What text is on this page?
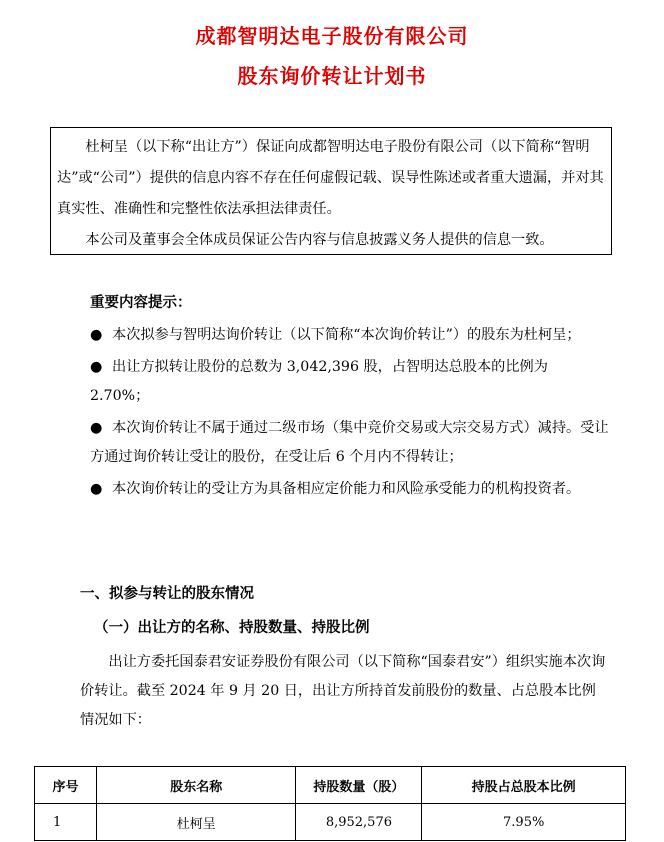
成都智明达电子股份有限公司
股东询价转让计划书

杜柯呈（以下称“出让方”）保证向成都智明达电子股份有限公司（以下简称“智明达”或“公司”）提供的信息内容不存在任何虚假记载、误导性陈述或者重大遗漏，并对其真实性、准确性和完整性依法承担法律责任。

本公司及董事会全体成员保证公告内容与信息披露义务人提供的信息一致。

重要内容提示：
● 本次拟参与智明达询价转让（以下简称“本次询价转让”）的股东为杜柯呈；
● 出让方拟转让股份的总数为 3,042,396 股，占智明达总股本的比例为 2.70%；
● 本次询价转让不属于通过二级市场（集中竞价交易或大宗交易方式）减持。受让方通过询价转让受让的股份，在受让后 6 个月内不得转让；
● 本次询价转让的受让方为具备相应定价能力和风险承受能力的机构投资者。

一、拟参与转让的股东情况

（一）出让方的名称、持股数量、持股比例

出让方委托国泰君安证券股份有限公司（以下简称“国泰君安”）组织实施本次询价转让。截至 2024 年 9 月 20 日，出让方所持首发前股份的数量、占总股本比例情况如下：

序号	股东名称	持股数量（股）	持股占总股本比例
1	杜柯呈	8,952,576	7.95%
